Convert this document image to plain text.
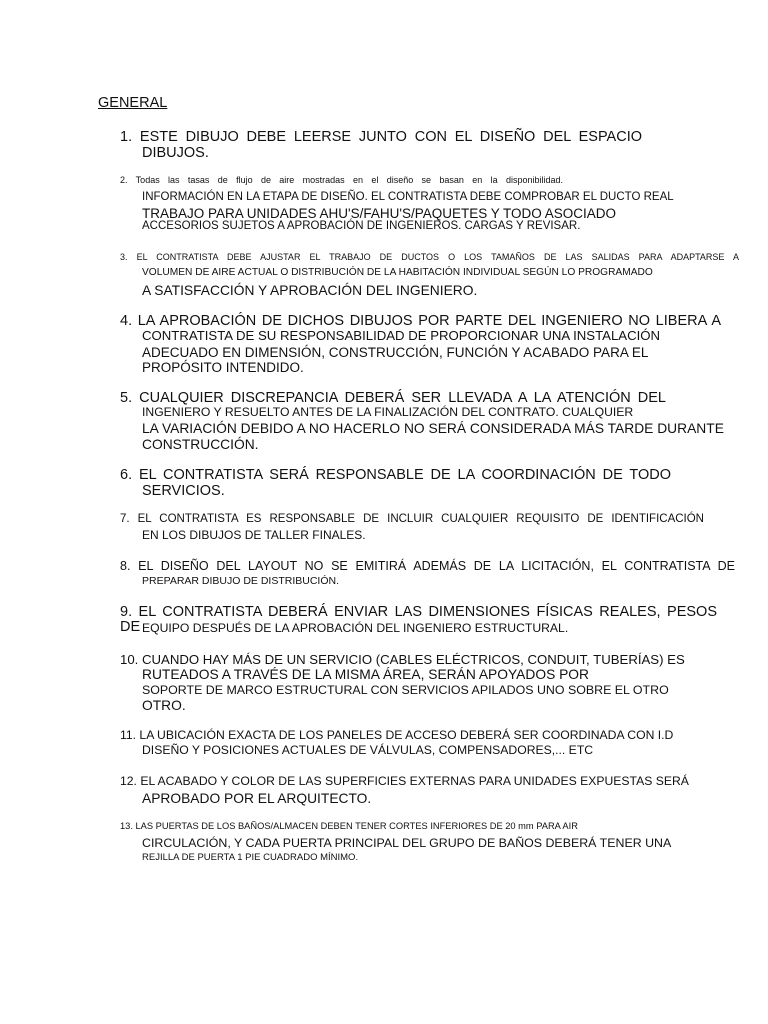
GENERAL
1. ESTE DIBUJO DEBE LEERSE JUNTO CON EL DISEÑO DEL ESPACIO
DIBUJOS.
2. Todas las tasas de flujo de aire mostradas en el diseño se basan en la disponibilidad.
INFORMACIÓN EN LA ETAPA DE DISEÑO. EL CONTRATISTA DEBE COMPROBAR EL DUCTO REAL
TRABAJO PARA UNIDADES AHU'S/FAHU'S/PAQUETES Y TODO ASOCIADO
ACCESORIOS SUJETOS A APROBACIÓN DE INGENIEROS. CARGAS Y REVISAR.
3. EL CONTRATISTA DEBE AJUSTAR EL TRABAJO DE DUCTOS O LOS TAMAÑOS DE LAS SALIDAS PARA ADAPTARSE A
VOLUMEN DE AIRE ACTUAL O DISTRIBUCIÓN DE LA HABITACIÓN INDIVIDUAL SEGÚN LO PROGRAMADO
A SATISFACCIÓN Y APROBACIÓN DEL INGENIERO.
4. LA APROBACIÓN DE DICHOS DIBUJOS POR PARTE DEL INGENIERO NO LIBERA A
CONTRATISTA DE SU RESPONSABILIDAD DE PROPORCIONAR UNA INSTALACIÓN
ADECUADO EN DIMENSIÓN, CONSTRUCCIÓN, FUNCIÓN Y ACABADO PARA EL
PROPÓSITO INTENDIDO.
5. CUALQUIER DISCREPANCIA DEBERÁ SER LLEVADA A LA ATENCIÓN DEL
INGENIERO Y RESUELTO ANTES DE LA FINALIZACIÓN DEL CONTRATO. CUALQUIER
LA VARIACIÓN DEBIDO A NO HACERLO NO SERÁ CONSIDERADA MÁS TARDE DURANTE
CONSTRUCCIÓN.
6. EL CONTRATISTA SERÁ RESPONSABLE DE LA COORDINACIÓN DE TODO
SERVICIOS.
7. EL CONTRATISTA ES RESPONSABLE DE INCLUIR CUALQUIER REQUISITO DE IDENTIFICACIÓN
EN LOS DIBUJOS DE TALLER FINALES.
8. EL DISEÑO DEL LAYOUT NO SE EMITIRÁ ADEMÁS DE LA LICITACIÓN, EL CONTRATISTA DE
PREPARAR DIBUJO DE DISTRIBUCIÓN.
9. EL CONTRATISTA DEBERÁ ENVIAR LAS DIMENSIONES FÍSICAS REALES, PESOS DE EQUIPO DESPUÉS DE LA APROBACIÓN DEL INGENIERO ESTRUCTURAL.
10. CUANDO HAY MÁS DE UN SERVICIO (CABLES ELÉCTRICOS, CONDUIT, TUBERÍAS) ES
RUTEADOS A TRAVÉS DE LA MISMA ÁREA, SERÁN APOYADOS POR
SOPORTE DE MARCO ESTRUCTURAL CON SERVICIOS APILADOS UNO SOBRE EL OTRO
OTRO.
11. LA UBICACIÓN EXACTA DE LOS PANELES DE ACCESO DEBERÁ SER COORDINADA CON I.D
DISEÑO Y POSICIONES ACTUALES DE VÁLVULAS, COMPENSADORES,... ETC
12. EL ACABADO Y COLOR DE LAS SUPERFICIES EXTERNAS PARA UNIDADES EXPUESTAS SERÁ
APROBADO POR EL ARQUITECTO.
13. LAS PUERTAS DE LOS BAÑOS/ALMACEN DEBEN TENER CORTES INFERIORES DE 20 mm PARA AIR
CIRCULACIÓN, Y CADA PUERTA PRINCIPAL DEL GRUPO DE BAÑOS DEBERÁ TENER UNA
REJILLA DE PUERTA 1 PIE CUADRADO MÍNIMO.
